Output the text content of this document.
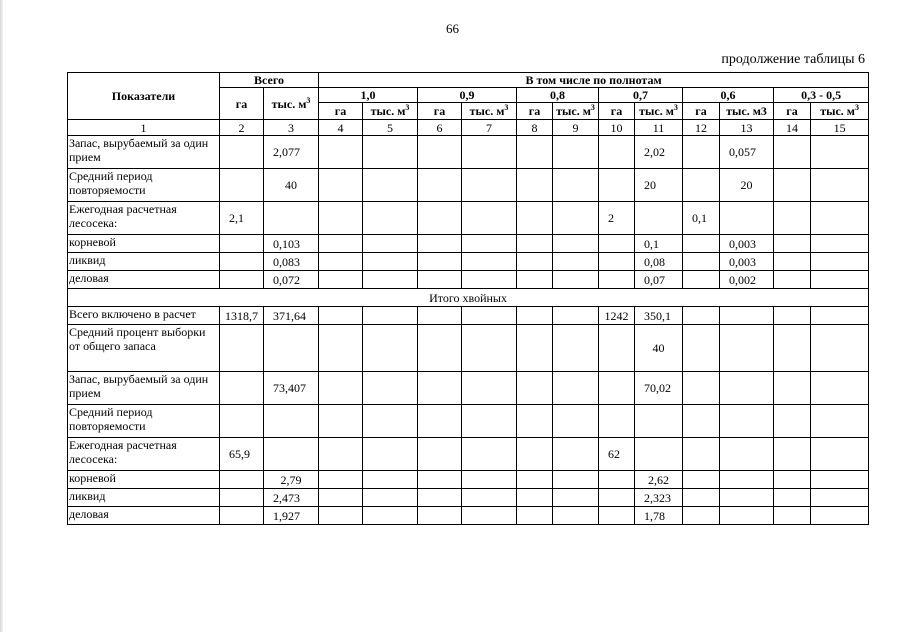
66
продолжение таблицы 6
Показатели	Всего		В том числе по полнотам											
	га	тыс. $м^3$	1,0		0,9		0,8		0,7		0,6		0,3 - 0,5	
			га	тыс. $м^3$	га	тыс. $м^3$	га	тыс. $м^3$	га	тыс. $м^3$	га	тыс. м3	га	тыс. $м^3$
1	2	3	4	5	6	7	8	9	10	11	12	13	14	15
Запас, вырубаемый за один прием		2,077								2,02		0,057		
Средний период повторяемости		40								20		20		
Ежегодная расчетная лесосека:	2,1								2		0,1			
корневой		0,103								0,1		0,003		
ликвид		0,083								0,08		0,003		
деловая		0,072								0,07		0,002		
Итого хвойных														
Всего включено в расчет	1318,7	371,64							1242	350,1				
Средний процент выборки от общего запаса										40				
Запас, вырубаемый за один прием		73,407								70,02				
Средний период повторяемости														
Ежегодная расчетная лесосека:	65,9								62					
корневой		2,79								2,62				
ликвид		2,473								2,323				
деловая		1,927								1,78				
